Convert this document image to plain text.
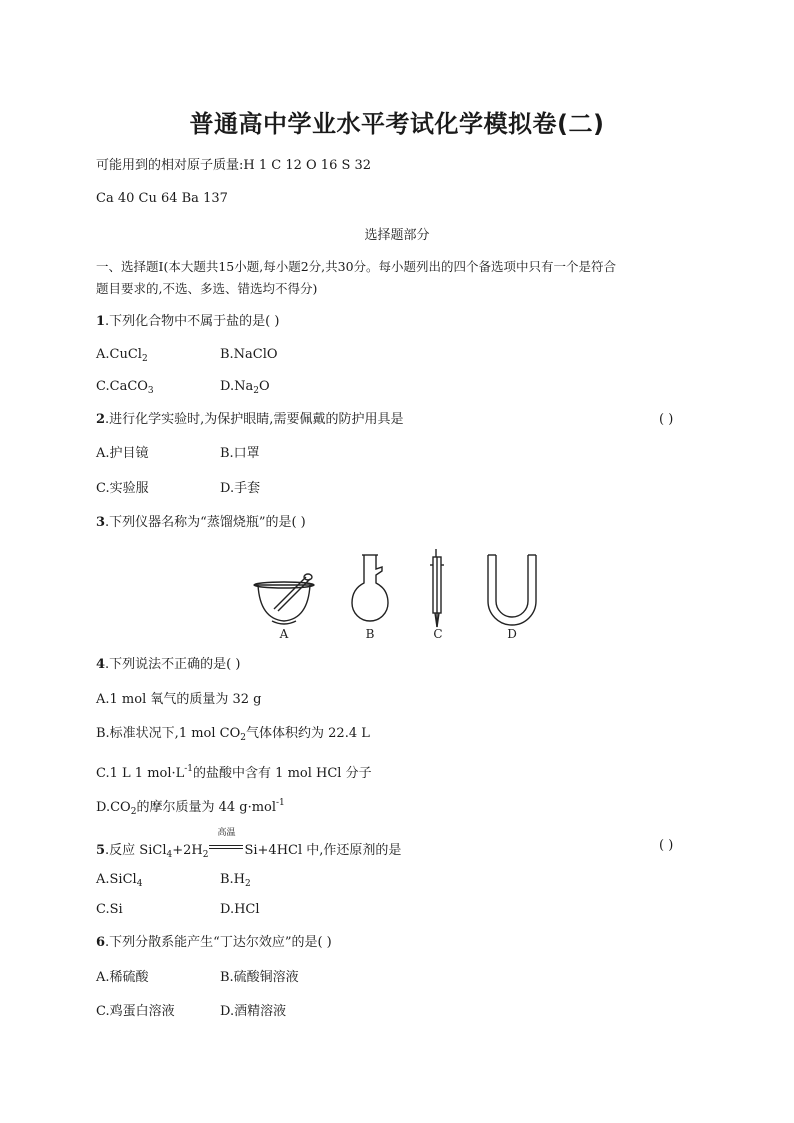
普通高中学业水平考试化学模拟卷(二)
可能用到的相对原子质量:H 1 C 12 O 16 S 32
Ca 40 Cu 64 Ba 137
选择题部分
一、选择题Ⅰ(本大题共15小题,每小题2分,共30分。每小题列出的四个备选项中只有一个是符合
题目要求的,不选、多选、错选均不得分)
1.下列化合物中不属于盐的是( )
A.CuCl$_2$	B.NaClO
C.CaCO$_3$	$D.Na_2O$
2.进行化学实验时,为保护眼睛,需要佩戴的防护用具是	( )
A.护目镜	B.口罩
C.实验服	D.手套
3.下列仪器名称为“蒸馏烧瓶”的是( )
A	B	C	D
4.下列说法不正确的是( )
A.1 mol 氧气的质量为 32 g
B.标准状况下,1 mol $CO_2$气体体积约为 22.4 L
C.1 L 1 $mol\cdot L^{-1}$的盐酸中含有 1 mol HCl 分子
$D.CO_2$的摩尔质量为 44 g·mol$^{-1}$
5.反应 $SiCl_4+2H_2$
高温
Si+4HCl 中,作还原剂的是	( )
A.SiCl$_4$	$B.H_2$
C.Si	D.HCl
6.下列分散系能产生“丁达尔效应”的是( )
A.稀硫酸	B.硫酸铜溶液
C.鸡蛋白溶液	D.酒精溶液
